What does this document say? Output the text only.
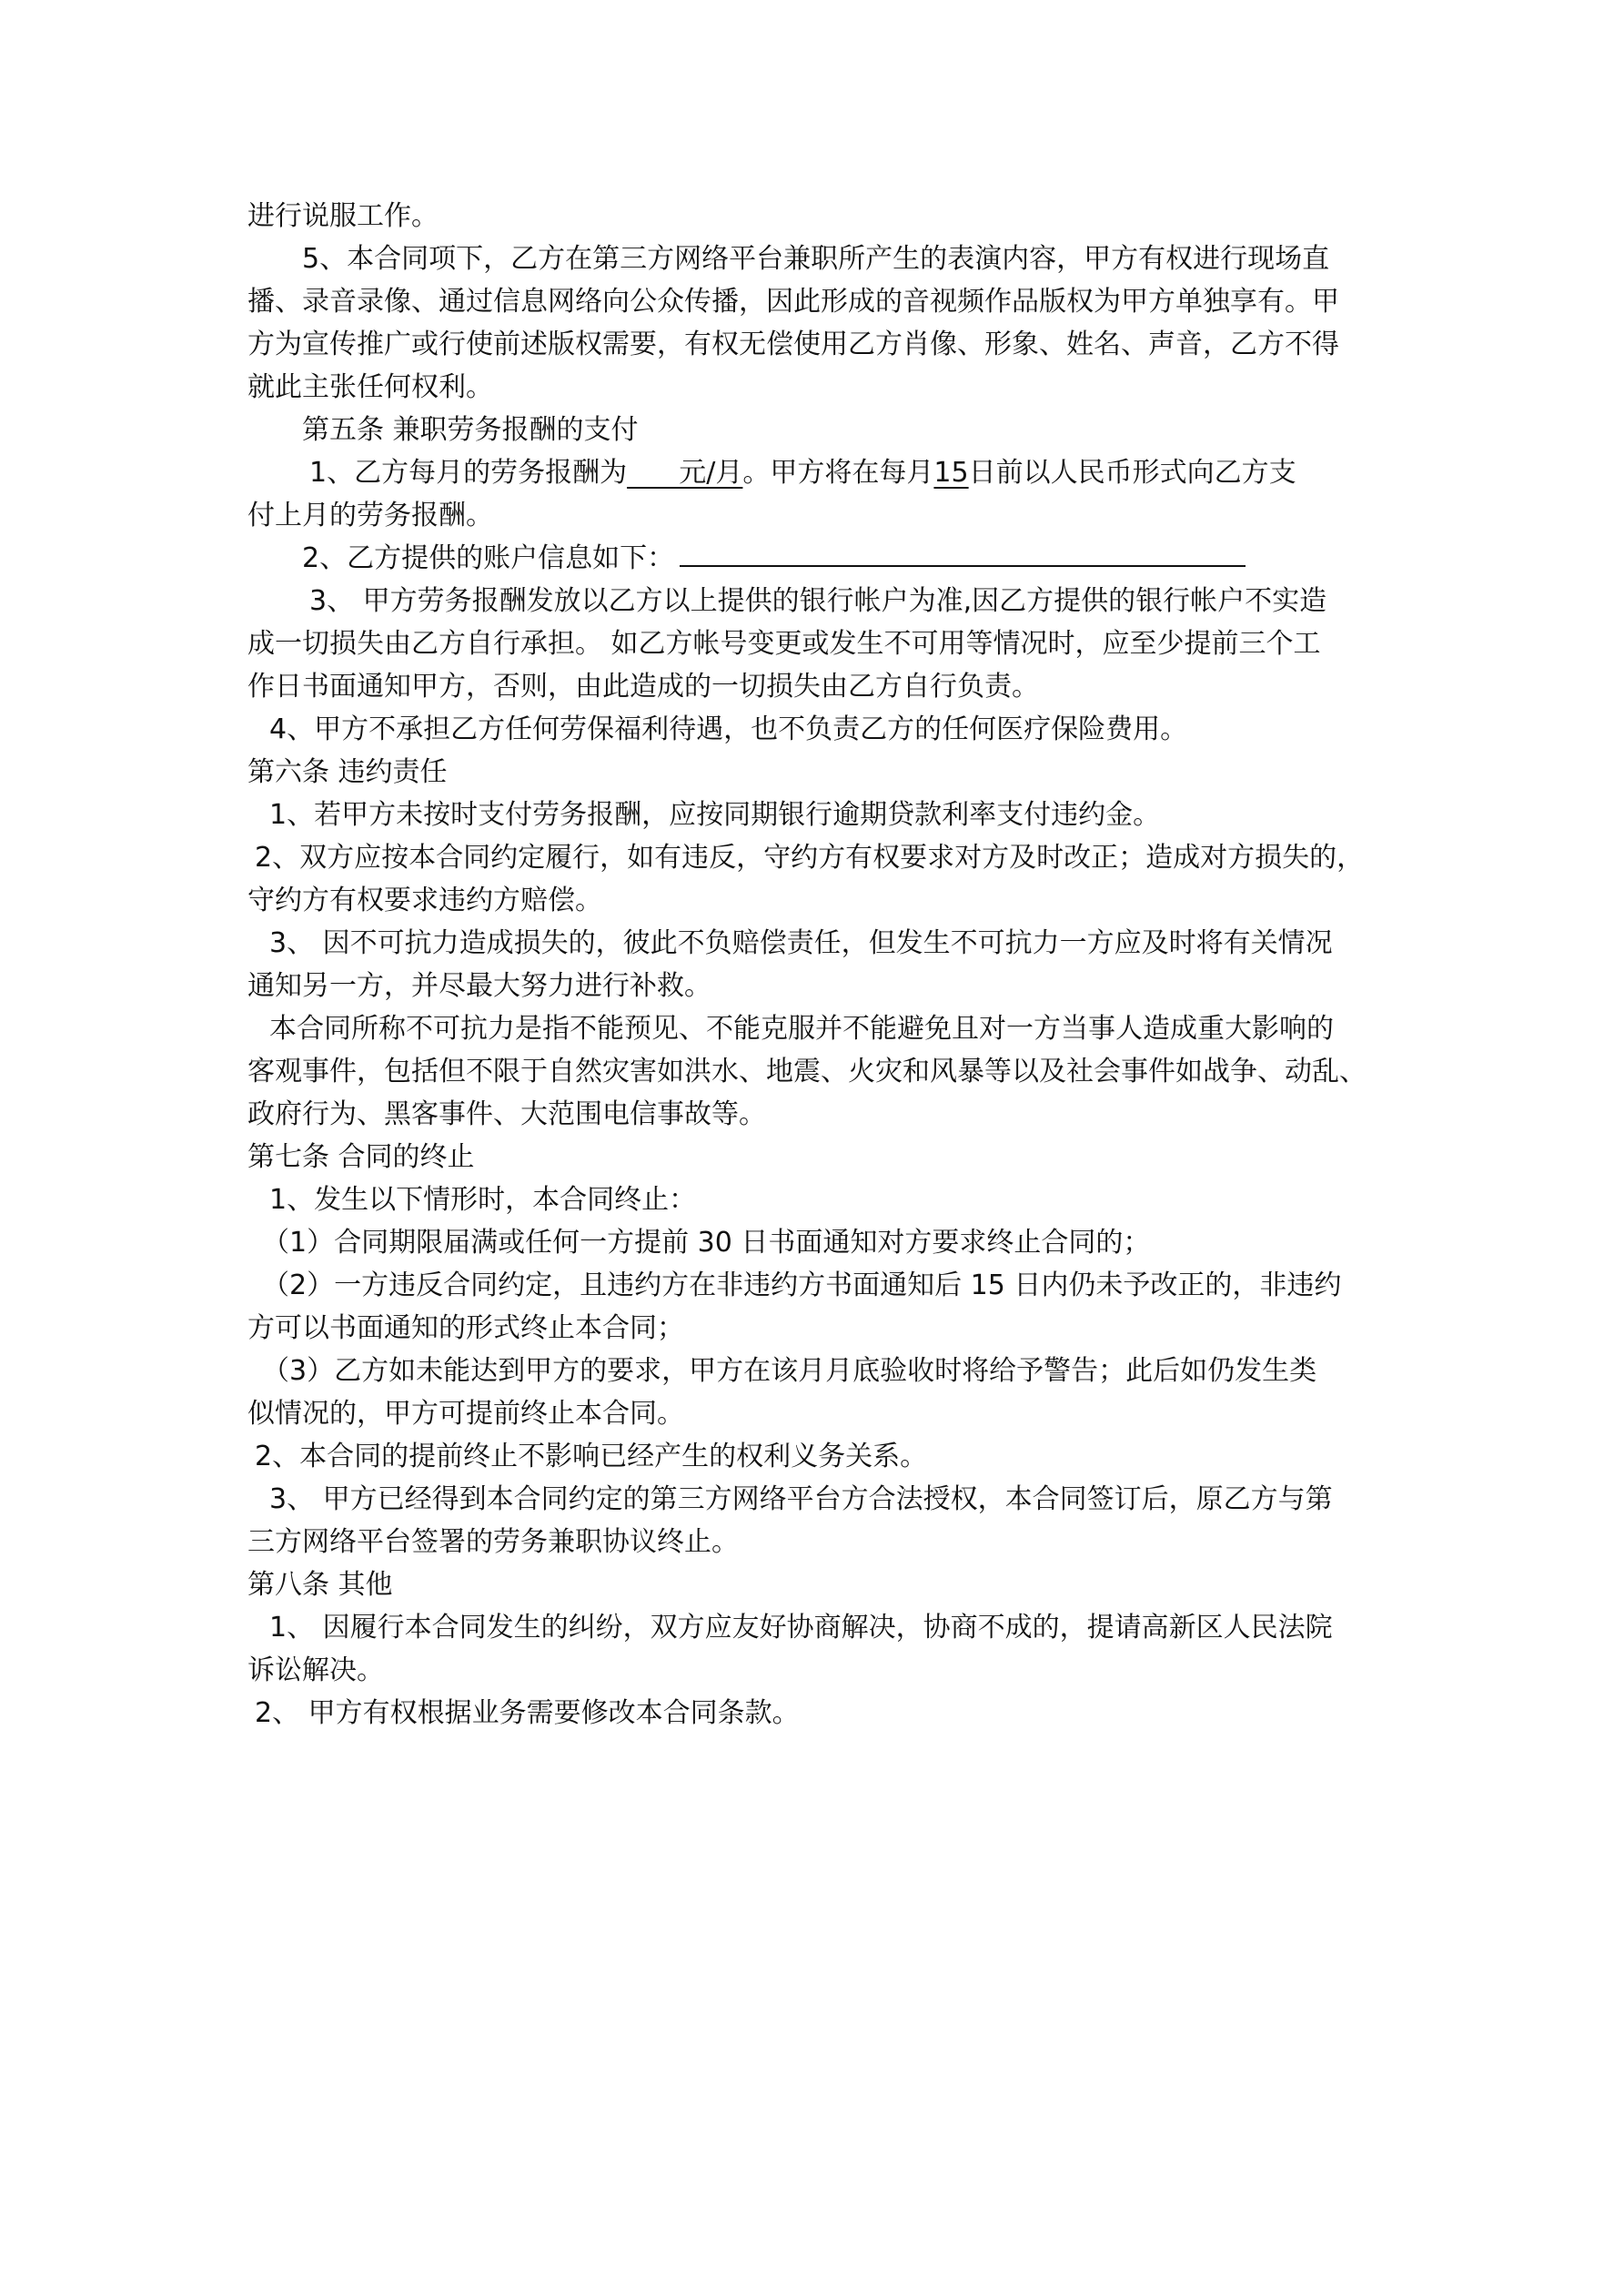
进行说服工作。
5、本合同项下，乙方在第三方网络平台兼职所产生的表演内容，甲方有权进行现场直
播、录音录像、通过信息网络向公众传播，因此形成的音视频作品版权为甲方单独享有。甲
方为宣传推广或行使前述版权需要，有权无偿使用乙方肖像、形象、姓名、声音，乙方不得
就此主张任何权利。
第五条 兼职劳务报酬的支付
1、乙方每月的劳务报酬为      元/月。甲方将在每月15日前以人民币形式向乙方支
付上月的劳务报酬。
2、乙方提供的账户信息如下：
3、 甲方劳务报酬发放以乙方以上提供的银行帐户为准,因乙方提供的银行帐户不实造
成一切损失由乙方自行承担。 如乙方帐号变更或发生不可用等情况时，应至少提前三个工
作日书面通知甲方，否则，由此造成的一切损失由乙方自行负责。
4、甲方不承担乙方任何劳保福利待遇，也不负责乙方的任何医疗保险费用。
第六条 违约责任
1、若甲方未按时支付劳务报酬，应按同期银行逾期贷款利率支付违约金。
2、双方应按本合同约定履行，如有违反，守约方有权要求对方及时改正；造成对方损失的，
守约方有权要求违约方赔偿。
3、 因不可抗力造成损失的，彼此不负赔偿责任，但发生不可抗力一方应及时将有关情况
通知另一方，并尽最大努力进行补救。
本合同所称不可抗力是指不能预见、不能克服并不能避免且对一方当事人造成重大影响的
客观事件，包括但不限于自然灾害如洪水、地震、火灾和风暴等以及社会事件如战争、动乱、
政府行为、黑客事件、大范围电信事故等。
第七条 合同的终止
1、发生以下情形时，本合同终止：
（1）合同期限届满或任何一方提前 30 日书面通知对方要求终止合同的；
（2）一方违反合同约定，且违约方在非违约方书面通知后 15 日内仍未予改正的，非违约
方可以书面通知的形式终止本合同；
（3）乙方如未能达到甲方的要求，甲方在该月月底验收时将给予警告；此后如仍发生类
似情况的，甲方可提前终止本合同。
2、本合同的提前终止不影响已经产生的权利义务关系。
3、 甲方已经得到本合同约定的第三方网络平台方合法授权，本合同签订后，原乙方与第
三方网络平台签署的劳务兼职协议终止。
第八条 其他
1、 因履行本合同发生的纠纷，双方应友好协商解决，协商不成的，提请高新区人民法院
诉讼解决。
2、 甲方有权根据业务需要修改本合同条款。
